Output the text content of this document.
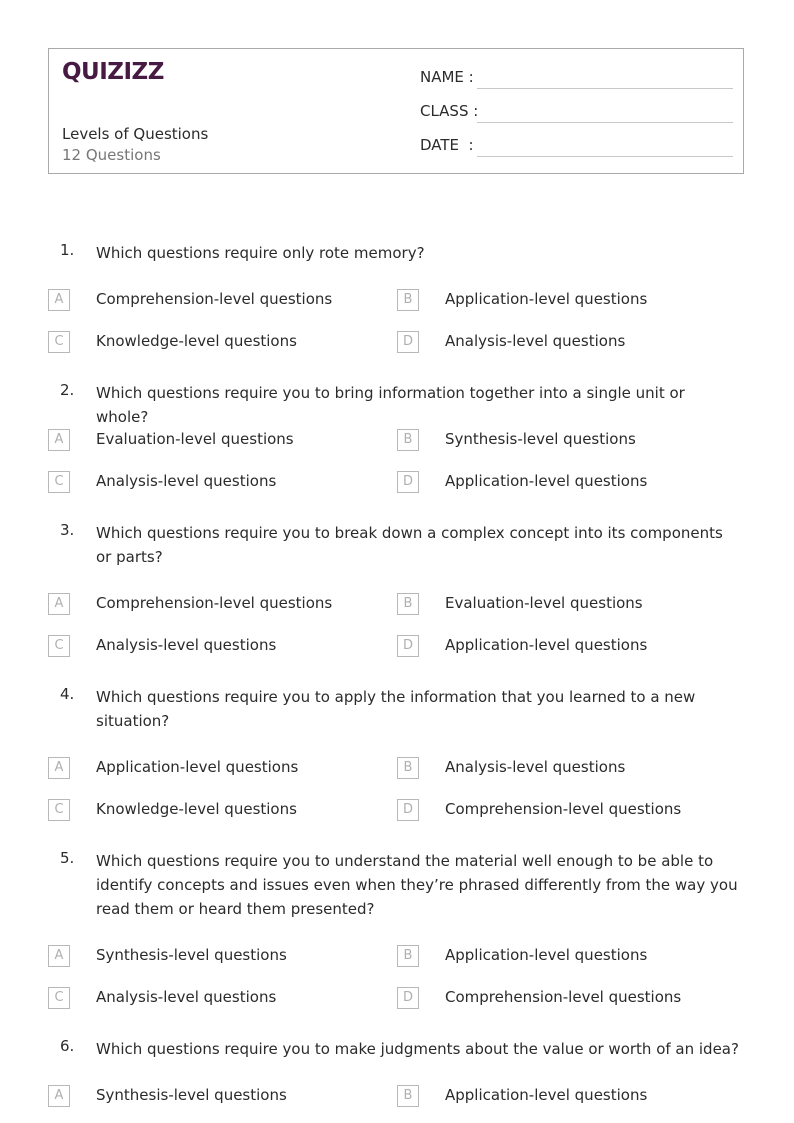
QUIZIZZ
Levels of Questions
12 Questions
NAME :
CLASS :
DATE  :
1. Which questions require only rote memory?
A	Comprehension-level questions	B	Application-level questions
C	Knowledge-level questions	D	Analysis-level questions
2. Which questions require you to bring information together into a single unit or whole?
A	Evaluation-level questions	B	Synthesis-level questions
C	Analysis-level questions	D	Application-level questions
3. Which questions require you to break down a complex concept into its components or parts?
A	Comprehension-level questions	B	Evaluation-level questions
C	Analysis-level questions	D	Application-level questions
4. Which questions require you to apply the information that you learned to a new situation?
A	Application-level questions	B	Analysis-level questions
C	Knowledge-level questions	D	Comprehension-level questions
5. Which questions require you to understand the material well enough to be able to identify concepts and issues even when they’re phrased differently from the way you read them or heard them presented?
A	Synthesis-level questions	B	Application-level questions
C	Analysis-level questions	D	Comprehension-level questions
6. Which questions require you to make judgments about the value or worth of an idea?
A	Synthesis-level questions	B	Application-level questions
